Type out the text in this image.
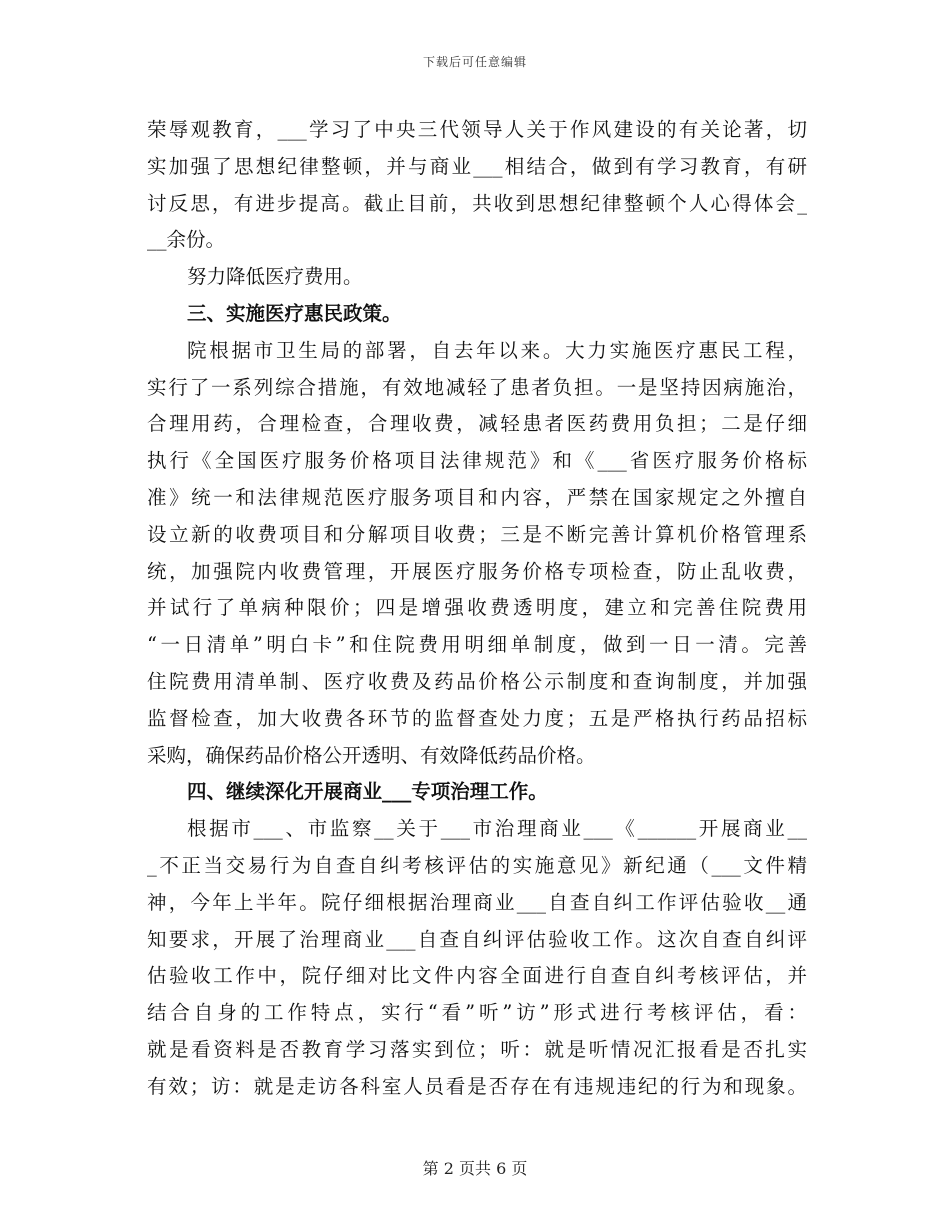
下载后可任意编辑
荣辱观教育，___学习了中央三代领导人关于作风建设的有关论著，切
实加强了思想纪律整顿，并与商业___相结合，做到有学习教育，有研
讨反思，有进步提高。截止目前，共收到思想纪律整顿个人心得体会_
__余份。
努力降低医疗费用。
三、实施医疗惠民政策。
院根据市卫生局的部署，自去年以来。大力实施医疗惠民工程，
实行了一系列综合措施，有效地减轻了患者负担。一是坚持因病施治，
合理用药，合理检查，合理收费，减轻患者医药费用负担；二是仔细
执行《全国医疗服务价格项目法律规范》和《___省医疗服务价格标
准》统一和法律规范医疗服务项目和内容，严禁在国家规定之外擅自
设立新的收费项目和分解项目收费；三是不断完善计算机价格管理系
统，加强院内收费管理，开展医疗服务价格专项检查，防止乱收费，
并试行了单病种限价；四是增强收费透明度，建立和完善住院费用
“一日清单”明白卡”和住院费用明细单制度，做到一日一清。完善
住院费用清单制、医疗收费及药品价格公示制度和查询制度，并加强
监督检查，加大收费各环节的监督查处力度；五是严格执行药品招标
采购，确保药品价格公开透明、有效降低药品价格。
四、继续深化开展商业___专项治理工作。
根据市___、市监察__关于___市治理商业___《______开展商业__
_不正当交易行为自查自纠考核评估的实施意见》新纪通（___文件精
神，今年上半年。院仔细根据治理商业___自查自纠工作评估验收__通
知要求，开展了治理商业___自查自纠评估验收工作。这次自查自纠评
估验收工作中，院仔细对比文件内容全面进行自查自纠考核评估，并
结合自身的工作特点，实行“看”听”访”形式进行考核评估，看：
就是看资料是否教育学习落实到位；听：就是听情况汇报看是否扎实
有效；访：就是走访各科室人员看是否存在有违规违纪的行为和现象。
第 2 页共 6 页
